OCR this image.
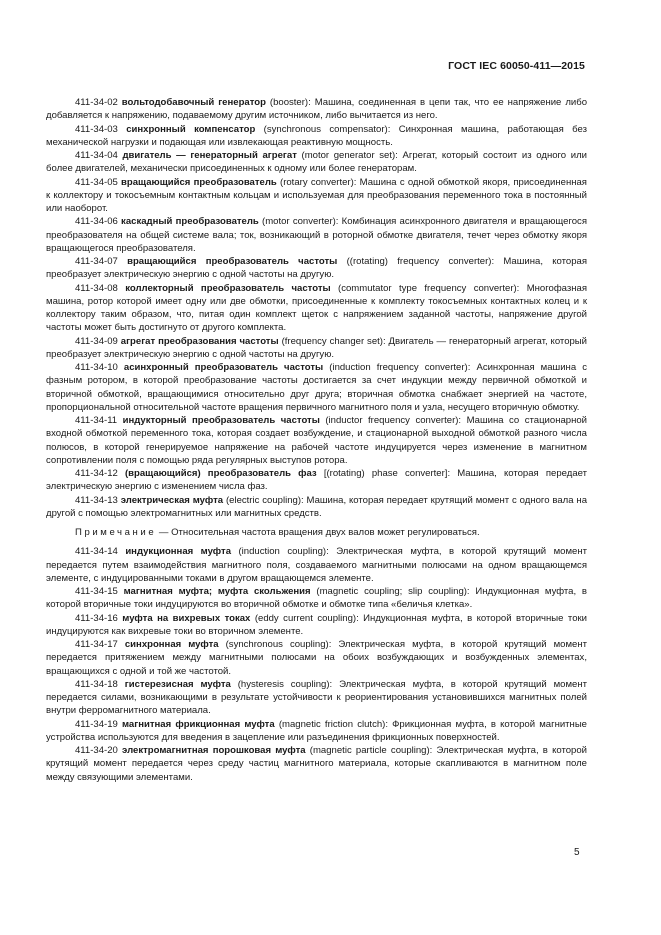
ГОСТ IEC 60050-411—2015

411-34-02 вольтодобавочный генератор (booster): Машина, соединенная в цепи так, что ее напряжение либо добавляется к напряжению, подаваемому другим источником, либо вычитается из него.

411-34-03 синхронный компенсатор (synchronous compensator): Синхронная машина, работающая без механической нагрузки и подающая или извлекающая реактивную мощность.

411-34-04 двигатель — генераторный агрегат (motor generator set): Агрегат, который состоит из одного или более двигателей, механически присоединенных к одному или более генераторам.

411-34-05 вращающийся преобразователь (rotary converter): Машина с одной обмоткой якоря, присоединенная к коллектору и токосъемным контактным кольцам и используемая для преобразования переменного тока в постоянный или наоборот.

411-34-06 каскадный преобразователь (motor converter): Комбинация асинхронного двигателя и вращающегося преобразователя на общей системе вала; ток, возникающий в роторной обмотке двигателя, течет через обмотку якоря вращающегося преобразователя.

411-34-07 вращающийся преобразователь частоты ((rotating) frequency converter): Машина, которая преобразует электрическую энергию с одной частоты на другую.

411-34-08 коллекторный преобразователь частоты (commutator type frequency converter): Многофазная машина, ротор которой имеет одну или две обмотки, присоединенные к комплекту токосъемных контактных колец и к коллектору таким образом, что, питая один комплект щеток с напряжением заданной частоты, напряжение другой частоты может быть достигнуто от другого комплекта.

411-34-09 агрегат преобразования частоты (frequency changer set): Двигатель — генераторный агрегат, который преобразует электрическую энергию с одной частоты на другую.

411-34-10 асинхронный преобразователь частоты (induction frequency converter): Асинхронная машина с фазным ротором, в которой преобразование частоты достигается за счет индукции между первичной обмоткой и вторичной обмоткой, вращающимися относительно друг друга; вторичная обмотка снабжает энергией на частоте, пропорциональной относительной частоте вращения первичного магнитного поля и узла, несущего вторичную обмотку.

411-34-11 индукторный преобразователь частоты (inductor frequency converter): Машина со стационарной входной обмоткой переменного тока, которая создает возбуждение, и стационарной выходной обмоткой разного числа полюсов, в которой генерируемое напряжение на рабочей частоте индуцируется через изменение в магнитном сопротивлении поля с помощью ряда регулярных выступов ротора.

411-34-12 (вращающийся) преобразователь фаз [(rotating) phase converter]: Машина, которая передает электрическую энергию с изменением числа фаз.

411-34-13 электрическая муфта (electric coupling): Машина, которая передает крутящий момент с одного вала на другой с помощью электромагнитных или магнитных средств.

Примечание — Относительная частота вращения двух валов может регулироваться.

411-34-14 индукционная муфта (induction coupling): Электрическая муфта, в которой крутящий момент передается путем взаимодействия магнитного поля, создаваемого магнитными полюсами на одном вращающемся элементе, с индуцированными токами в другом вращающемся элементе.

411-34-15 магнитная муфта; муфта скольжения (magnetic coupling; slip coupling): Индукционная муфта, в которой вторичные токи индуцируются во вторичной обмотке и обмотке типа «беличья клетка».

411-34-16 муфта на вихревых токах (eddy current coupling): Индукционная муфта, в которой вторичные токи индуцируются как вихревые токи во вторичном элементе.

411-34-17 синхронная муфта (synchronous coupling): Электрическая муфта, в которой крутящий момент передается притяжением между магнитными полюсами на обоих возбуждающих и возбужденных элементах, вращающихся с одной и той же частотой.

411-34-18 гистерезисная муфта (hysteresis coupling): Электрическая муфта, в которой крутящий момент передается силами, возникающими в результате устойчивости к реориентирования установившихся магнитных полей внутри ферромагнитного материала.

411-34-19 магнитная фрикционная муфта (magnetic friction clutch): Фрикционная муфта, в которой магнитные устройства используются для введения в зацепление или разъединения фрикционных поверхностей.

411-34-20 электромагнитная порошковая муфта (magnetic particle coupling): Электрическая муфта, в которой крутящий момент передается через среду частиц магнитного материала, которые скапливаются в магнитном поле между связующими элементами.

5
